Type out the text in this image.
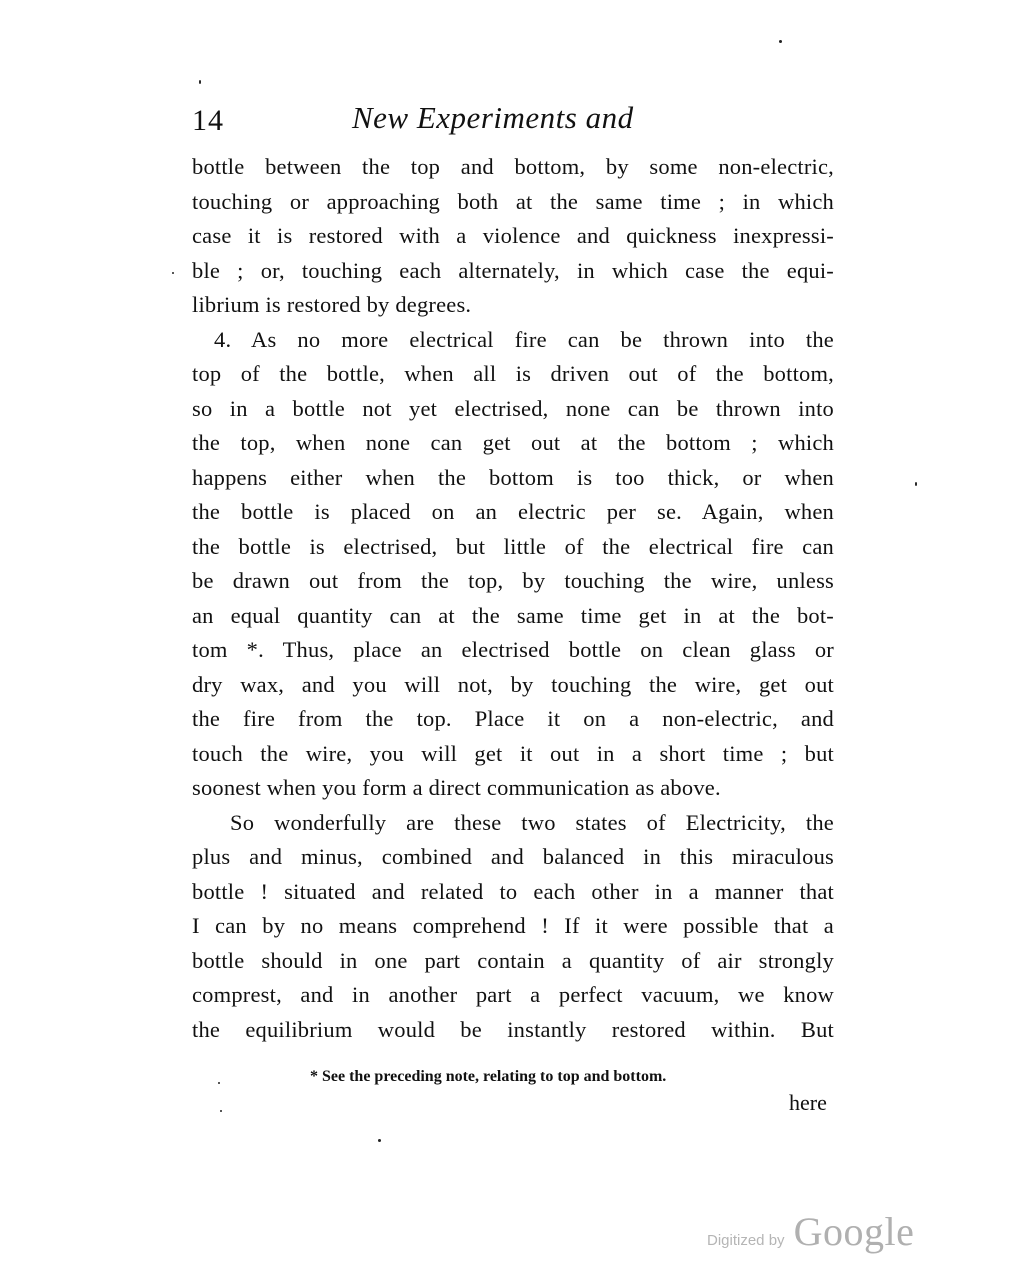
14	New Experiments and
bottle between the top and bottom, by some non-electric,
touching or approaching both at the same time ; in which
case it is restored with a violence and quickness inexpressi-
ble ; or, touching each alternately, in which case the equi-
librium is restored by degrees.
4. As no more electrical fire can be thrown into the
top of the bottle, when all is driven out of the bottom,
so in a bottle not yet electrised, none can be thrown into
the top, when none can get out at the bottom ; which
happens either when the bottom is too thick, or when
the bottle is placed on an electric per se. Again, when
the bottle is electrised, but little of the electrical fire can
be drawn out from the top, by touching the wire, unless
an equal quantity can at the same time get in at the bot-
tom *. Thus, place an electrised bottle on clean glass or
dry wax, and you will not, by touching the wire, get out
the fire from the top. Place it on a non-electric, and
touch the wire, you will get it out in a short time ; but
soonest when you form a direct communication as above.
So wonderfully are these two states of Electricity, the
plus and minus, combined and balanced in this miraculous
bottle ! situated and related to each other in a manner that
I can by no means comprehend ! If it were possible that a
bottle should in one part contain a quantity of air strongly
comprest, and in another part a perfect vacuum, we know
the equilibrium would be instantly restored within. But
* See the preceding note, relating to top and bottom.
here
Digitized by Google
